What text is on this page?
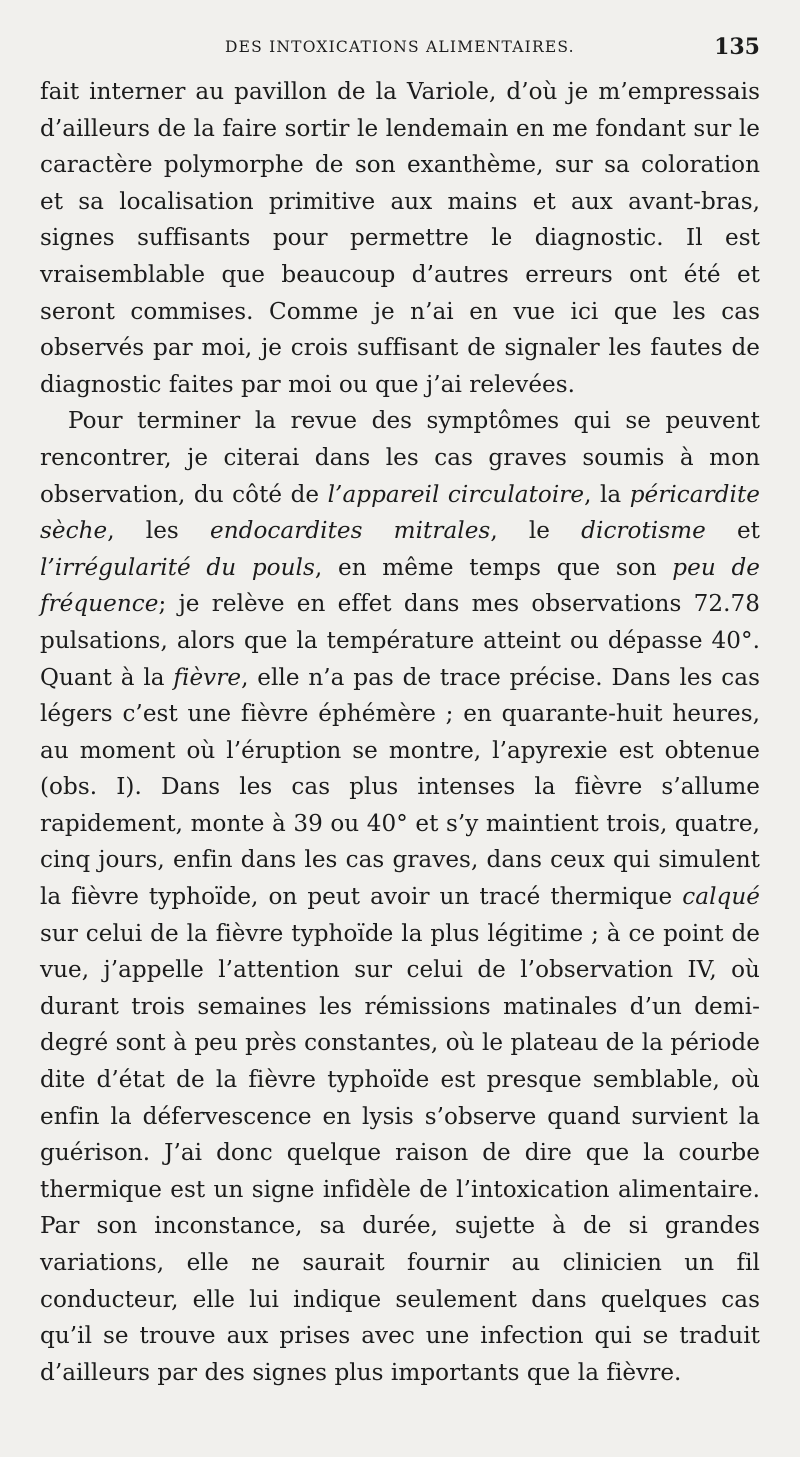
DES INTOXICATIONS ALIMENTAIRES.	135

fait interner au pavillon de la Variole, d’où je m’empressais d’ailleurs de la faire sortir le lendemain en me fondant sur le caractère polymorphe de son exanthème, sur sa coloration et sa localisation primitive aux mains et aux avant-bras, signes suffisants pour permettre le diagnostic. Il est vraisemblable que beaucoup d’autres erreurs ont été et seront commises. Comme je n’ai en vue ici que les cas observés par moi, je crois suffisant de signaler les fautes de diagnostic faites par moi ou que j’ai relevées.

Pour terminer la revue des symptômes qui se peuvent rencontrer, je citerai dans les cas graves soumis à mon observation, du côté de l’appareil circulatoire, la péricardite sèche, les endocardites mitrales, le dicrotisme et l’irrégularité du pouls, en même temps que son peu de fréquence; je relève en effet dans mes observations 72.78 pulsations, alors que la température atteint ou dépasse 40°. Quant à la fièvre, elle n’a pas de trace précise. Dans les cas légers c’est une fièvre éphémère ; en quarante-huit heures, au moment où l’éruption se montre, l’apyrexie est obtenue (obs. I). Dans les cas plus intenses la fièvre s’allume rapidement, monte à 39 ou 40° et s’y maintient trois, quatre, cinq jours, enfin dans les cas graves, dans ceux qui simulent la fièvre typhoïde, on peut avoir un tracé thermique calqué sur celui de la fièvre typhoïde la plus légitime ; à ce point de vue, j’appelle l’attention sur celui de l’observation IV, où durant trois semaines les rémissions matinales d’un demi-degré sont à peu près constantes, où le plateau de la période dite d’état de la fièvre typhoïde est presque semblable, où enfin la défervescence en lysis s’observe quand survient la guérison. J’ai donc quelque raison de dire que la courbe thermique est un signe infidèle de l’intoxication alimentaire. Par son inconstance, sa durée, sujette à de si grandes variations, elle ne saurait fournir au clinicien un fil conducteur, elle lui indique seulement dans quelques cas qu’il se trouve aux prises avec une infection qui se traduit d’ailleurs par des signes plus importants que la fièvre.
